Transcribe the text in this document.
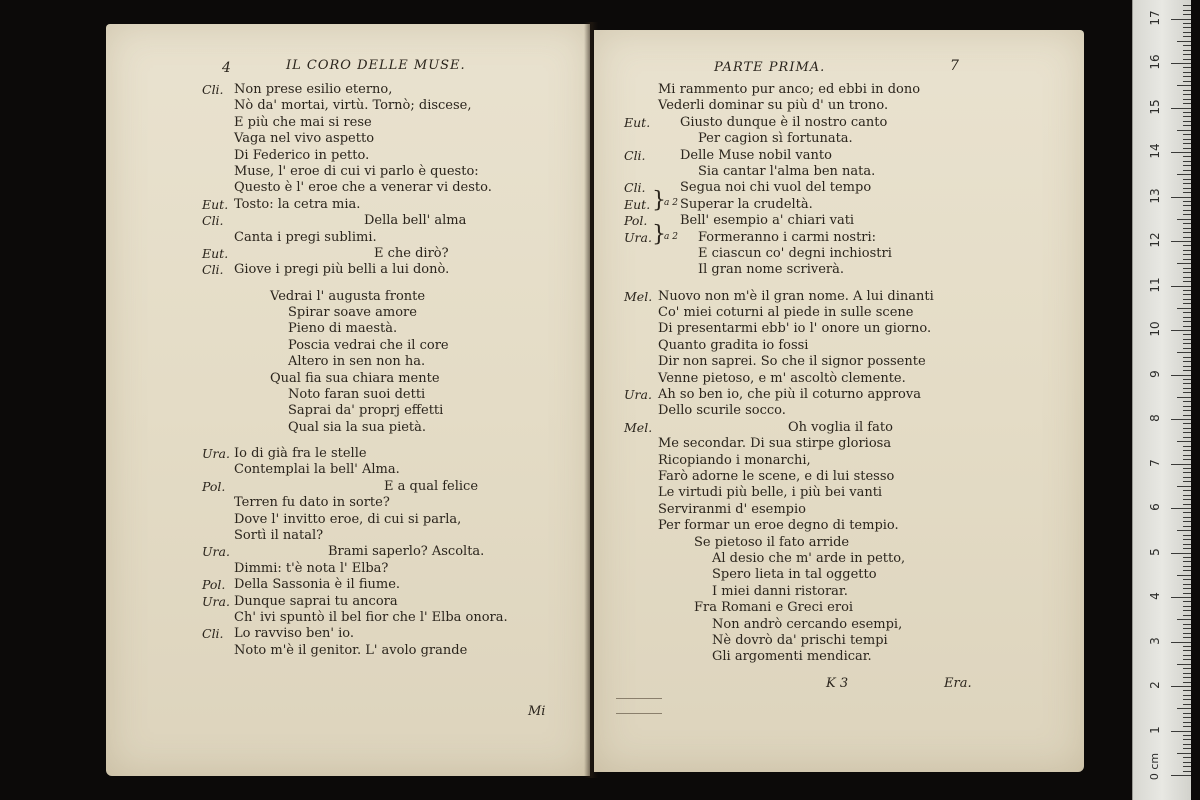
4	IL CORO DELLE MUSE.
Cli. Non prese esilio eterno,
Nò da' mortai, virtù. Tornò; discese,
E più che mai si rese
Vaga nel vivo aspetto
Di Federico in petto.
Muse, l' eroe di cui vi parlo è questo:
Questo è l' eroe che a venerar vi desto.
Eut. Tosto: la cetra mia.
Cli.	Della bell' alma
Canta i pregi sublimi.
Eut.	E che dirò?
Cli. Giove i pregi più belli a lui donò.
Vedrai l' augusta fronte
Spirar soave amore
Pieno di maestà.
Poscia vedrai che il core
Altero in sen non ha.
Qual fia sua chiara mente
Noto faran suoi detti
Saprai da' proprj effetti
Qual sia la sua pietà.
Ura. Io di già fra le stelle
Contemplai la bell' Alma.
Pol.	E a qual felice
Terren fu dato in sorte?
Dove l' invitto eroe, di cui si parla,
Sortì il natal?
Ura.	Brami saperlo? Ascolta.
Dimmi: t'è nota l' Elba?
Pol. Della Sassonia è il fiume.
Ura. Dunque saprai tu ancora
Ch' ivi spuntò il bel fior che l' Elba onora.
Cli. Lo ravviso ben' io.
Noto m'è il genitor. L' avolo grande
Mi
PARTE PRIMA.	7
Mi rammento pur anco; ed ebbi in dono
Vederli dominar su più d' un trono.
Eut. Giusto dunque è il nostro canto
Per cagion sì fortunata.
Cli.	Delle Muse nobil vanto
Sia cantar l'alma ben nata.
Cli.	Segua noi chi vuol del tempo
Eut. Superar la crudeltà.
Pol.	Bell' esempio a' chiari vati
Ura.	Formeranno i carmi nostri:
E ciascun co' degni inchiostri
Il gran nome scriverà.
Mel. Nuovo non m'è il gran nome. A lui dinanti
Co' miei coturni al piede in sulle scene
Di presentarmi ebb' io l' onore un giorno.
Quanto gradita io fossi
Dir non saprei. So che il signor possente
Venne pietoso, e m' ascoltò clemente.
Ura. Ah so ben io, che più il coturno approva
Dello scurile socco.
Mel.	Oh voglia il fato
Me secondar. Di sua stirpe gloriosa
Ricopiando i monarchi,
Farò adorne le scene, e di lui stesso
Le virtudi più belle, i più bei vanti
Serviranmi d' esempio
Per formar un eroe degno di tempio.
Se pietoso il fato arride
Al desio che m' arde in petto,
Spero lieta in tal oggetto
I miei danni ristorar.
Fra Romani e Greci eroi
Non andrò cercando esempi,
Nè dovrò da' prischi tempi
Gli argomenti mendicar.
}
a 2
}
a 2
K 3	Era.
1
2
3
4
5
6
7
8
9
10
11
12
13
14
15
16
17
0 cm
